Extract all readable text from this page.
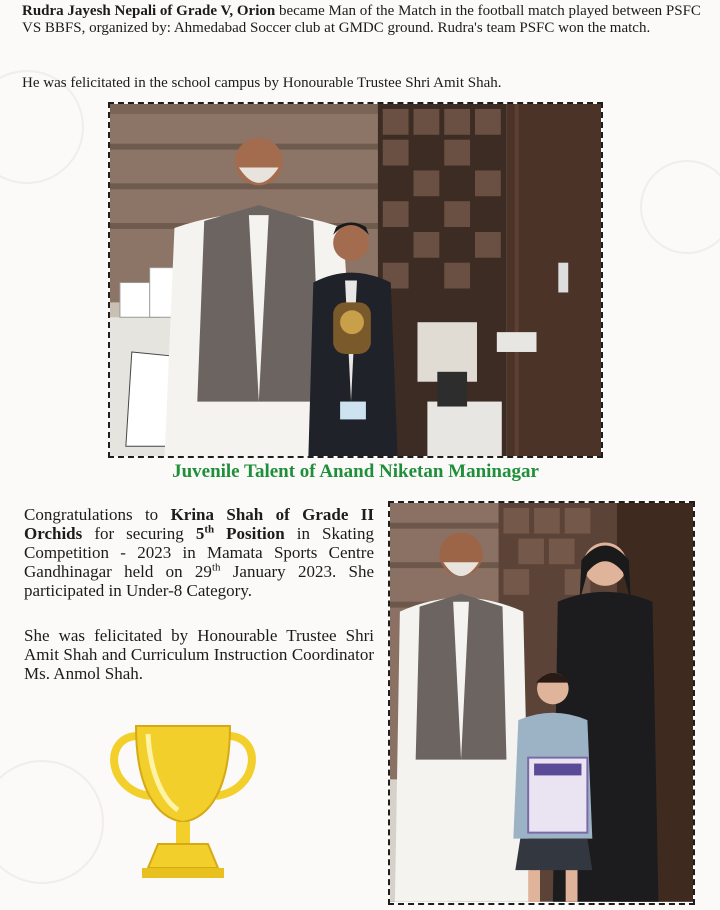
Rudra Jayesh Nepali of Grade V, Orion became Man of the Match in the football match played between PSFC VS BBFS, organized by: Ahmedabad Soccer club at GMDC ground. Rudra's team PSFC won the match.

He was felicitated in the school campus by Honourable Trustee Shri Amit Shah.

Juvenile Talent of Anand Niketan Maninagar

Congratulations to Krina Shah of Grade II Orchids for securing 5th Position in Skating Competition - 2023 in Mamata Sports Centre Gandhinagar held on 29th January 2023. She participated in Under-8 Category.

She was felicitated by Honourable Trustee Shri Amit Shah and Curriculum Instruction Coordinator Ms. Anmol Shah.
